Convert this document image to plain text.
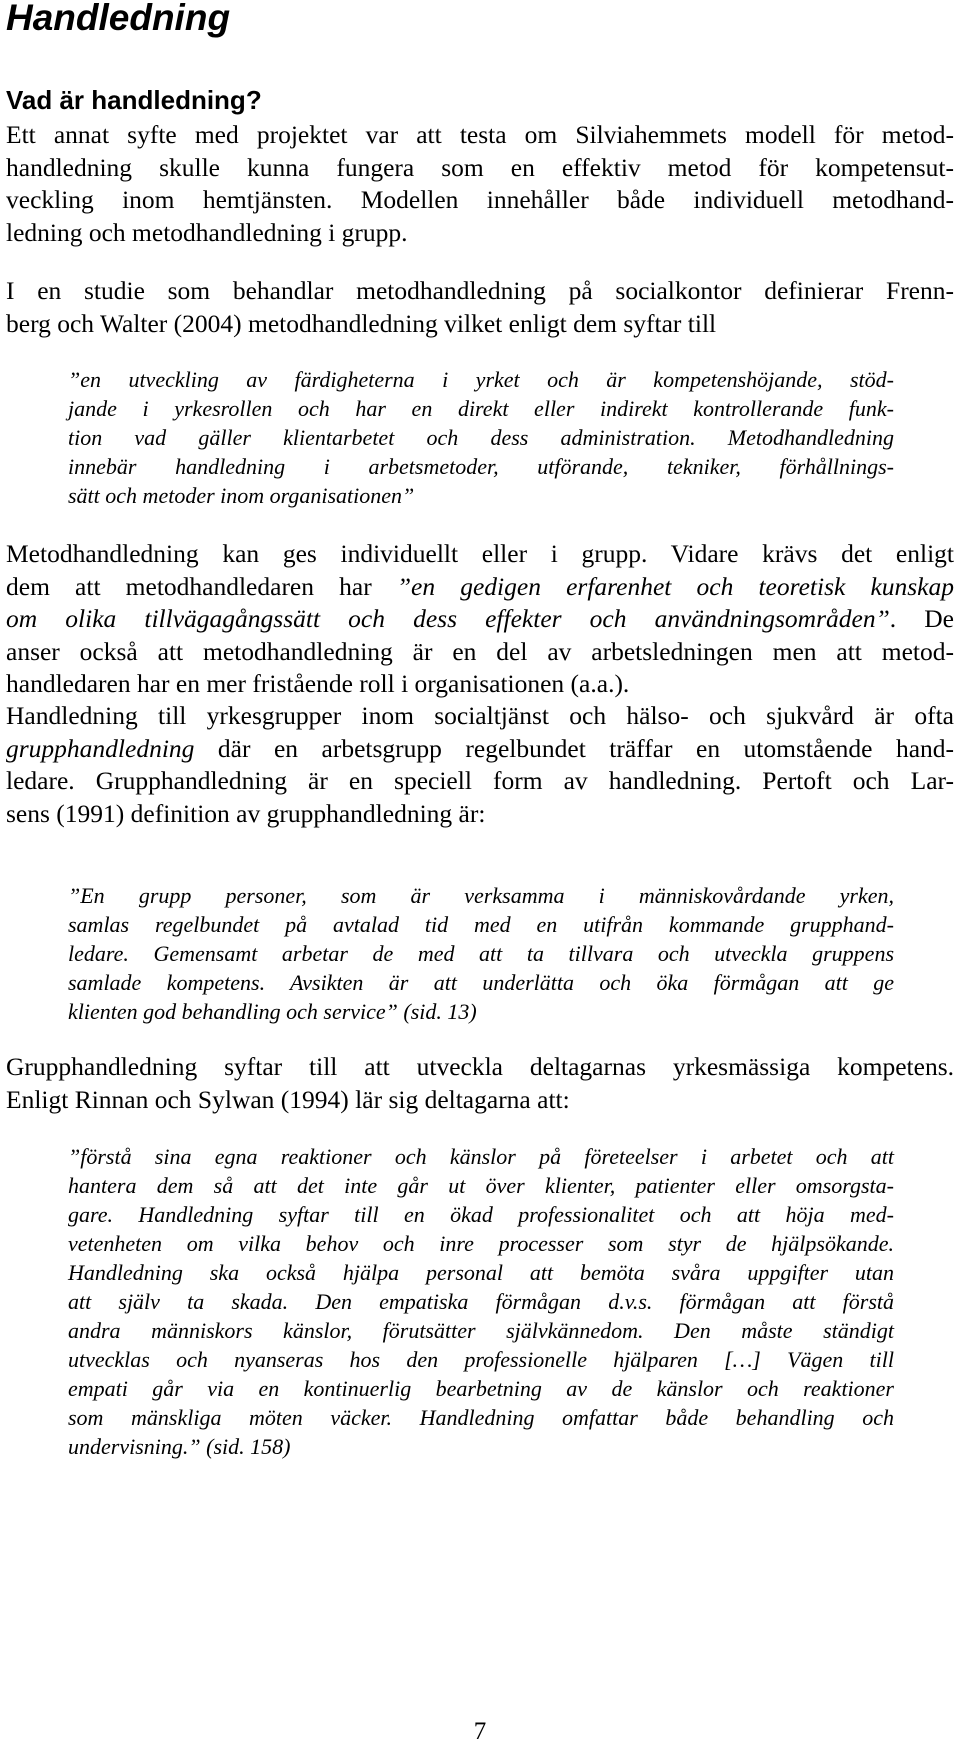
Handledning
Vad är handledning?

Ett annat syfte med projektet var att testa om Silviahemmets modell för metod-
handledning skulle kunna fungera som en effektiv metod för kompetensut-
veckling inom hemtjänsten. Modellen innehåller både individuell metodhand-
ledning och metodhandledning i grupp.

I en studie som behandlar metodhandledning på socialkontor definierar Frenn-
berg och Walter (2004) metodhandledning vilket enligt dem syftar till

”en utveckling av färdigheterna i yrket och är kompetenshöjande, stöd-
jande i yrkesrollen och har en direkt eller indirekt kontrollerande funk-
tion vad gäller klientarbetet och dess administration. Metodhandledning
innebär handledning i arbetsmetoder, utförande, tekniker, förhållnings-
sätt och metoder inom organisationen”

Metodhandledning kan ges individuellt eller i grupp. Vidare krävs det enligt
dem att metodhandledaren har ”en gedigen erfarenhet och teoretisk kunskap
om olika tillvägagångssätt och dess effekter och användningsområden”. De
anser också att metodhandledning är en del av arbetsledningen men att metod-
handledaren har en mer fristående roll i organisationen (a.a.).

Handledning till yrkesgrupper inom socialtjänst och hälso- och sjukvård är ofta
grupphandledning där en arbetsgrupp regelbundet träffar en utomstående hand-
ledare. Grupphandledning är en speciell form av handledning. Pertoft och Lar-
sens (1991) definition av grupphandledning är:

”En grupp personer, som är verksamma i människovårdande yrken,
samlas regelbundet på avtalad tid med en utifrån kommande grupphand-
ledare. Gemensamt arbetar de med att ta tillvara och utveckla gruppens
samlade kompetens. Avsikten är att underlätta och öka förmågan att ge
klienten god behandling och service” (sid. 13)

Grupphandledning syftar till att utveckla deltagarnas yrkesmässiga kompetens.
Enligt Rinnan och Sylwan (1994) lär sig deltagarna att:

”förstå sina egna reaktioner och känslor på företeelser i arbetet och att
hantera dem så att det inte går ut över klienter, patienter eller omsorgsta-
gare. Handledning syftar till en ökad professionalitet och att höja med-
vetenheten om vilka behov och inre processer som styr de hjälpsökande.
Handledning ska också hjälpa personal att bemöta svåra uppgifter utan
att själv ta skada. Den empatiska förmågan d.v.s. förmågan att förstå
andra människors känslor, förutsätter självkännedom. Den måste ständigt
utvecklas och nyanseras hos den professionelle hjälparen […] Vägen till
empati går via en kontinuerlig bearbetning av de känslor och reaktioner
som mänskliga möten väcker. Handledning omfattar både behandling och
undervisning.” (sid. 158)

7
